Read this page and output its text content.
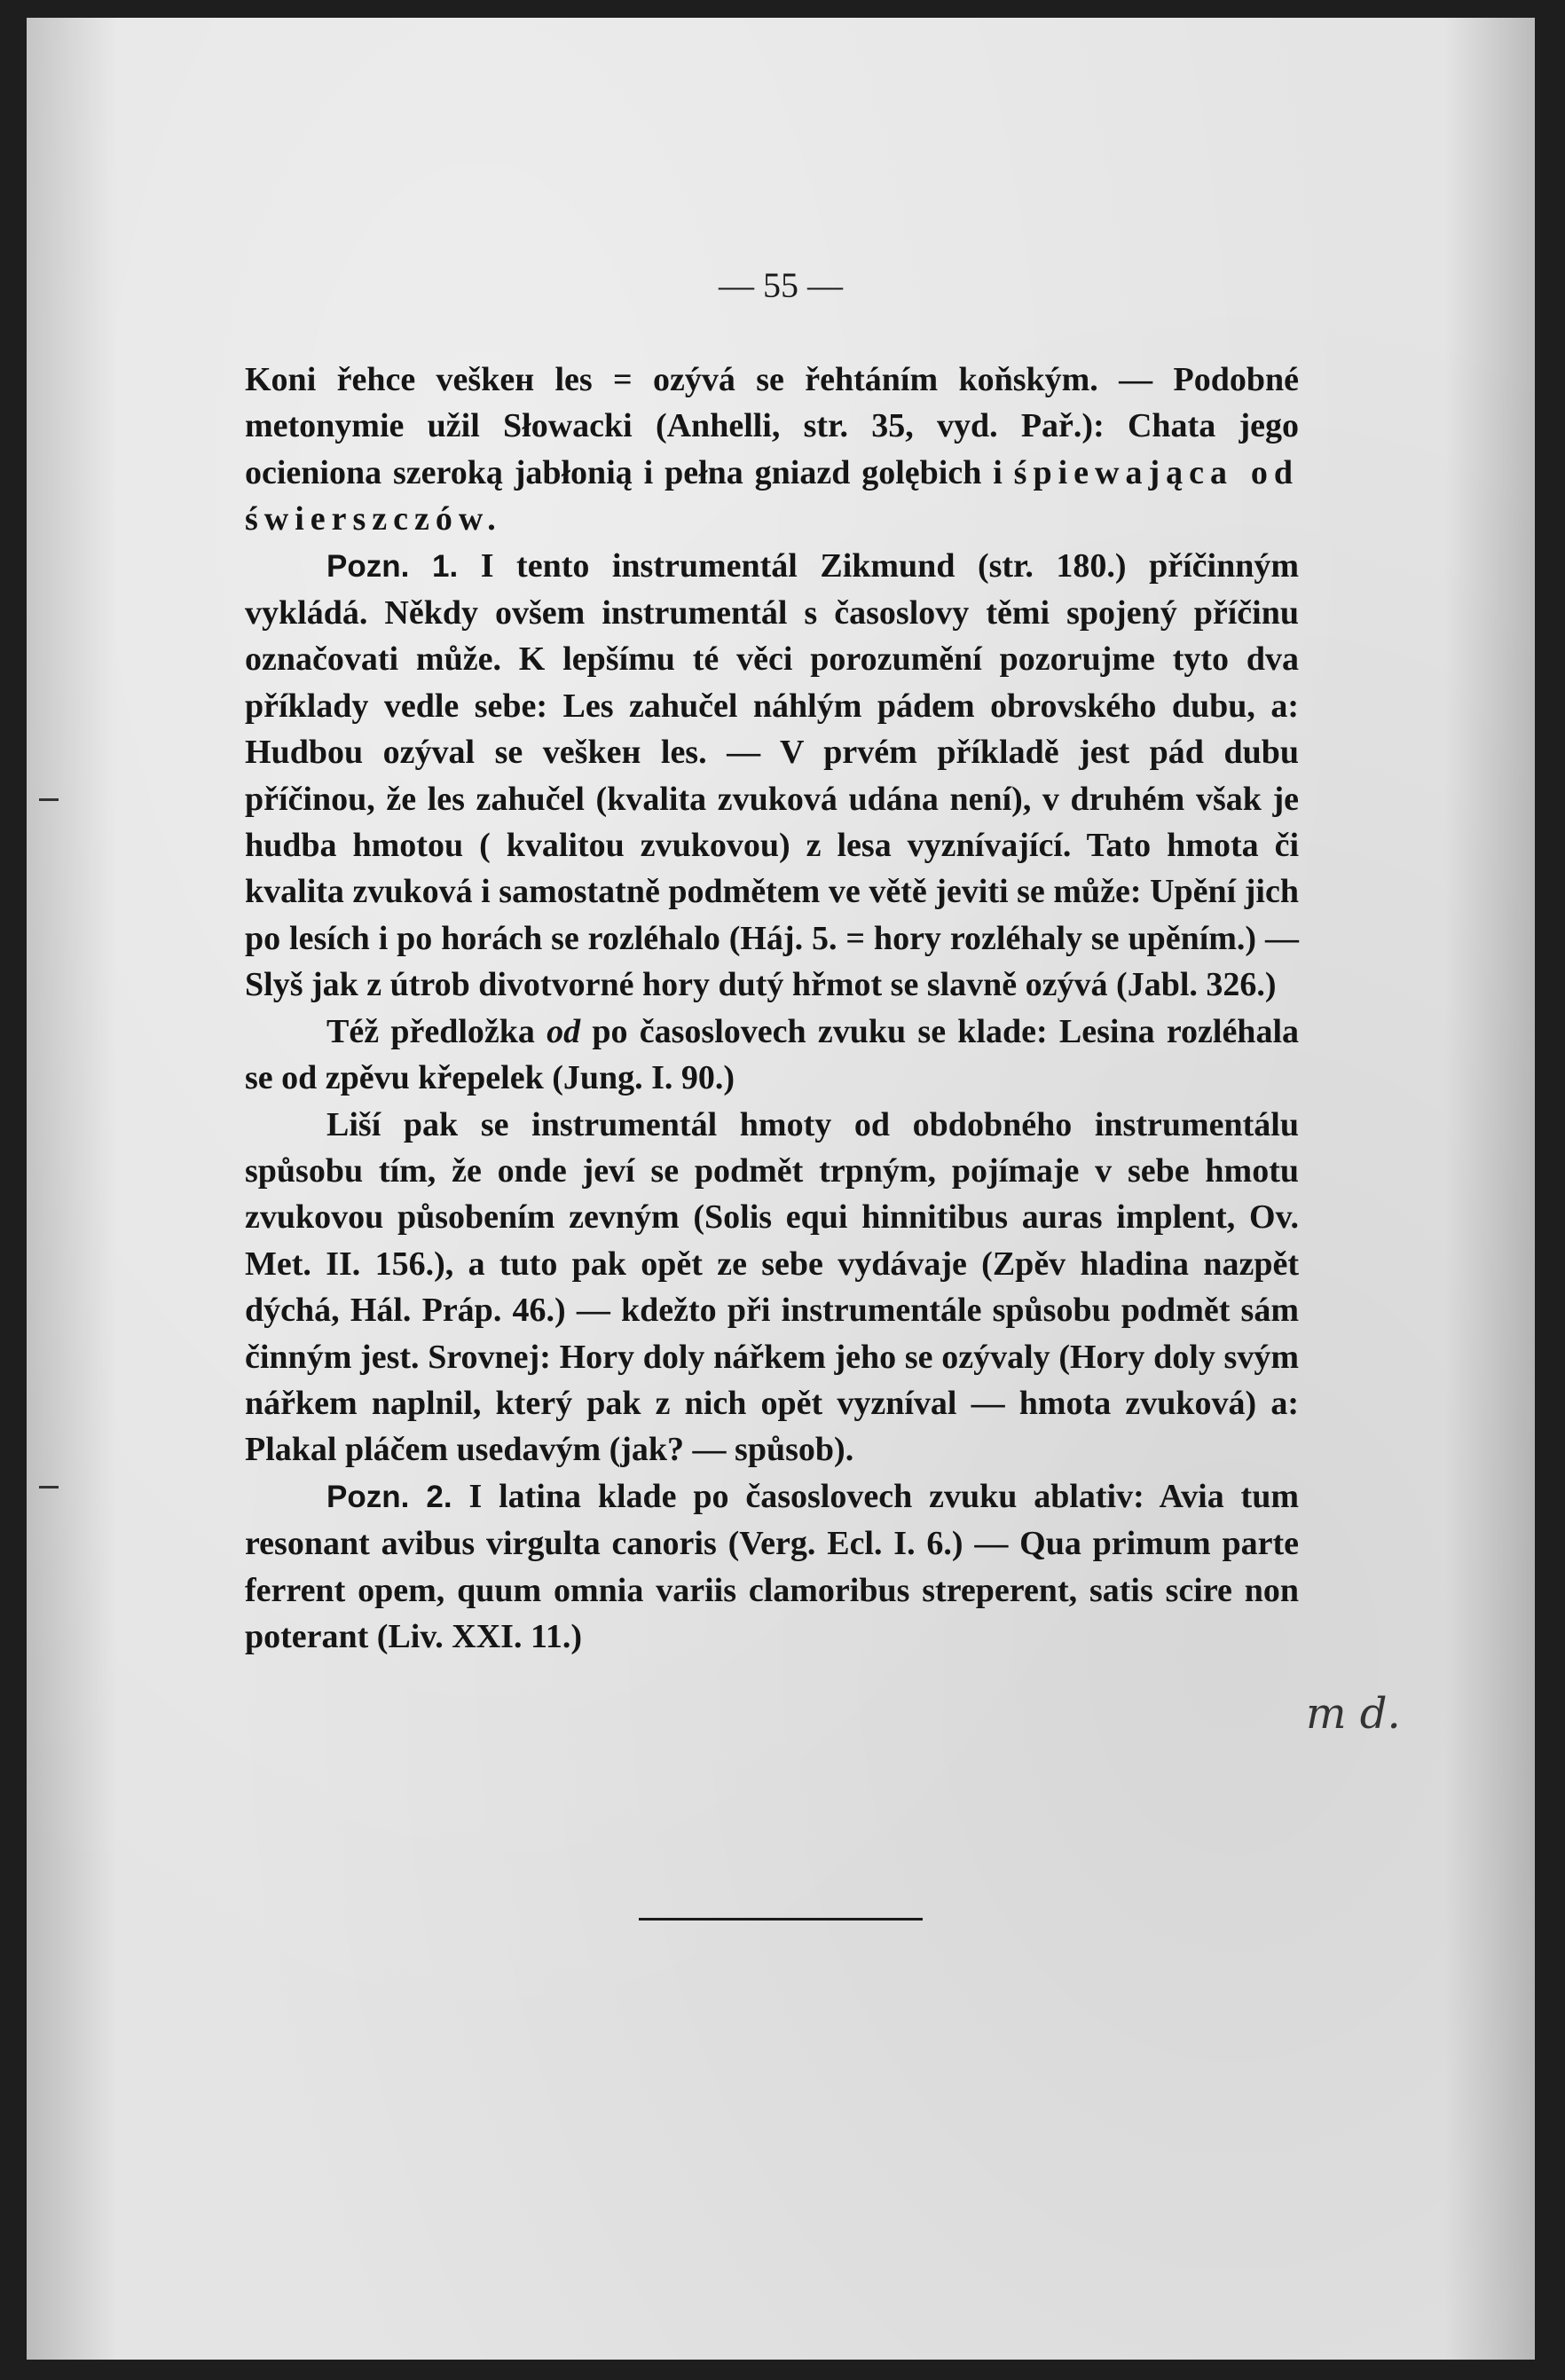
— 55 —

Koni řehce veškeн les = ozývá se řehtáním koňským. — Podobné metonymie užil Słowacki (Anhelli, str. 35, vyd. Pař.): Chata jego ocieniona szeroką jabłonią i pełna gniazd golębich i śpiewająca od świerszczów.

Pozn. 1. I tento instrumentál Zikmund (str. 180.) příčinným vykládá. Někdy ovšem instrumentál s časoslovy těmi spojený příčinu označovati může. K lepšímu té věci porozumění pozorujme tyto dva příklady vedle sebe: Les zahučel náhlým pádem obrovského dubu, a: Hudbou ozýval se veškeн les. — V prvém příkladě jest pád dubu příčinou, že les zahučel (kvalita zvuková udána není), v druhém však je hudba hmotou ( kvalitou zvukovou) z lesa vyznívající. Tato hmota či kvalita zvuková i samostatně podmětem ve větě jeviti se může: Upění jich po lesích i po horách se rozléhalo (Háj. 5. = hory rozléhaly se upěním.) — Slyš jak z útrob divotvorné hory dutý hřmot se slavně ozývá (Jabl. 326.)

Též předložka od po časoslovech zvuku se klade: Lesina rozléhala se od zpěvu křepelek (Jung. I. 90.)

Liší pak se instrumentál hmoty od obdobného instrumentálu spůsobu tím, že onde jeví se podmět trpným, pojímaje v sebe hmotu zvukovou působením zevným (Solis equi hinnitibus auras implent, Ov. Met. II. 156.), a tuto pak opět ze sebe vydávaje (Zpěv hladina nazpět dýchá, Hál. Práp. 46.) — kdežto při instrumentále spůsobu podmět sám činným jest. Srovnej: Hory doly nářkem jeho se ozývaly (Hory doly svým nářkem naplnil, který pak z nich opět vyzníval — hmota zvuková) a: Plakal pláčem usedavým (jak? — spůsob).

Pozn. 2. I latina klade po časoslovech zvuku ablativ: Avia tum resonant avibus virgulta canoris (Verg. Ecl. I. 6.) — Qua primum parte ferrent opem, quum omnia variis clamoribus streperent, satis scire non poterant (Liv. XXI. 11.)

m d.
